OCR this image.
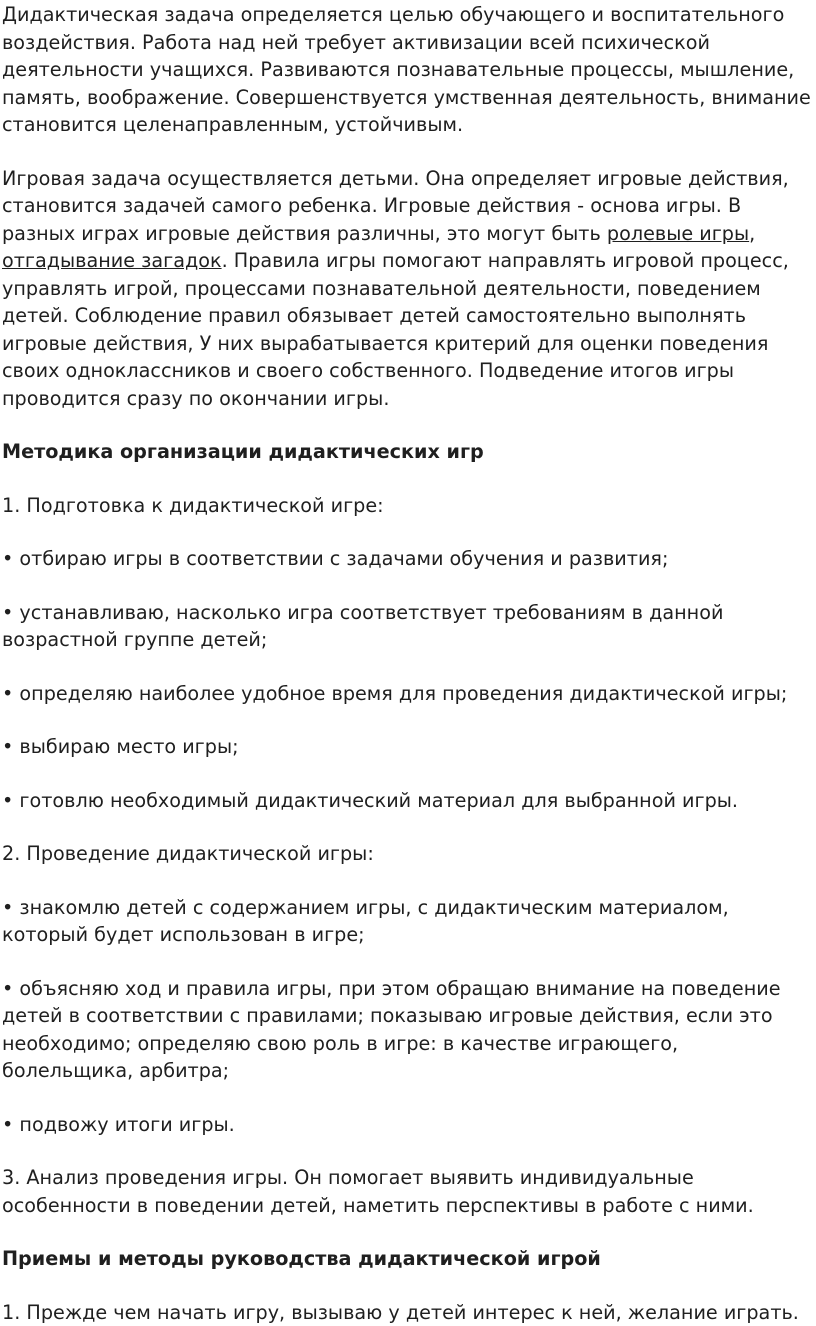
Дидактическая задача определяется целью обучающего и воспитательного воздействия. Работа над ней требует активизации всей психической деятельности учащихся. Развиваются познавательные процессы, мышление, память, воображение. Совершенствуется умственная деятельность, внимание становится целенаправленным, устойчивым.

Игровая задача осуществляется детьми. Она определяет игровые действия, становится задачей самого ребенка. Игровые действия - основа игры. В разных играх игровые действия различны, это могут быть ролевые игры, отгадывание загадок. Правила игры помогают направлять игровой процесс, управлять игрой, процессами познавательной деятельности, поведением детей. Соблюдение правил обязывает детей самостоятельно выполнять игровые действия, У них вырабатывается критерий для оценки поведения своих одноклассников и своего собственного. Подведение итогов игры проводится сразу по окончании игры.

Методика организации дидактических игр

1. Подготовка к дидактической игре:

• отбираю игры в соответствии с задачами обучения и развития;

• устанавливаю, насколько игра соответствует требованиям в данной возрастной группе детей;

• определяю наиболее удобное время для проведения дидактической игры;

• выбираю место игры;

• готовлю необходимый дидактический материал для выбранной игры.

2. Проведение дидактической игры:

• знакомлю детей с содержанием игры, с дидактическим материалом, который будет использован в игре;

• объясняю ход и правила игры, при этом обращаю внимание на поведение детей в соответствии с правилами; показываю игровые действия, если это необходимо; определяю свою роль в игре: в качестве играющего, болельщика, арбитра;

• подвожу итоги игры.

3. Анализ проведения игры. Он помогает выявить индивидуальные особенности в поведении детей, наметить перспективы в работе с ними.

Приемы и методы руководства дидактической игрой

1. Прежде чем начать игру, вызываю у детей интерес к ней, желание играть.
